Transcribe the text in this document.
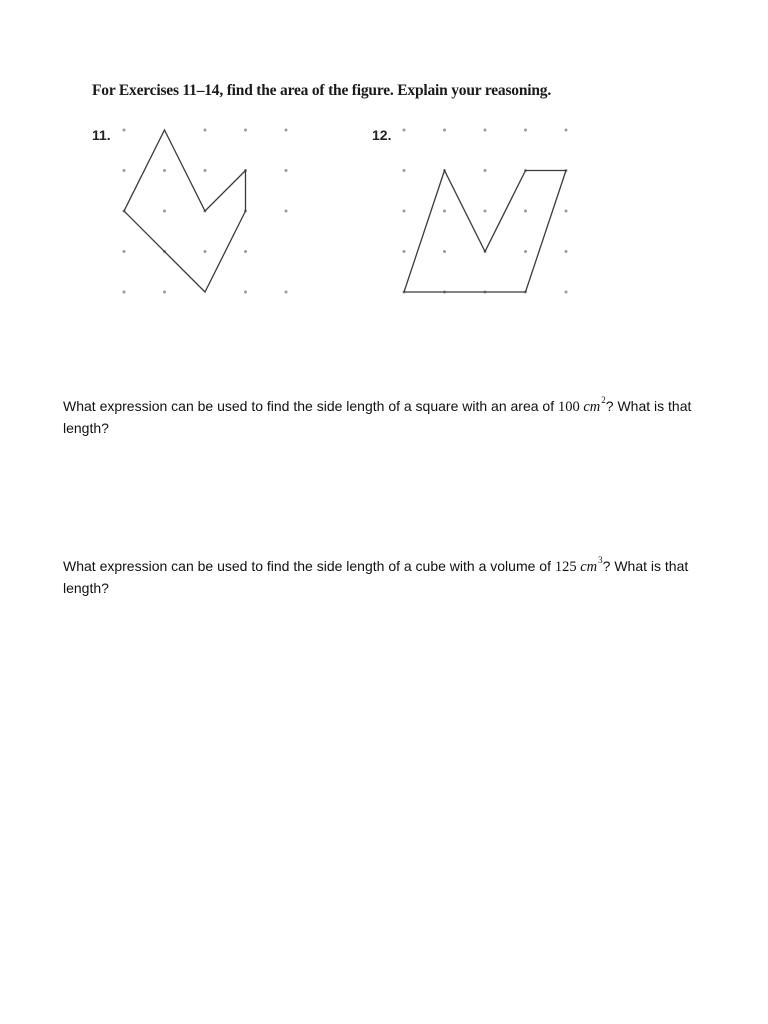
For Exercises 11–14, find the area of the figure. Explain your reasoning.
11.	12.
What expression can be used to find the side length of a square with an area of 100 $cm^2$? What is that length?
What expression can be used to find the side length of a cube with a volume of 125 $cm^3$? What is that length?
